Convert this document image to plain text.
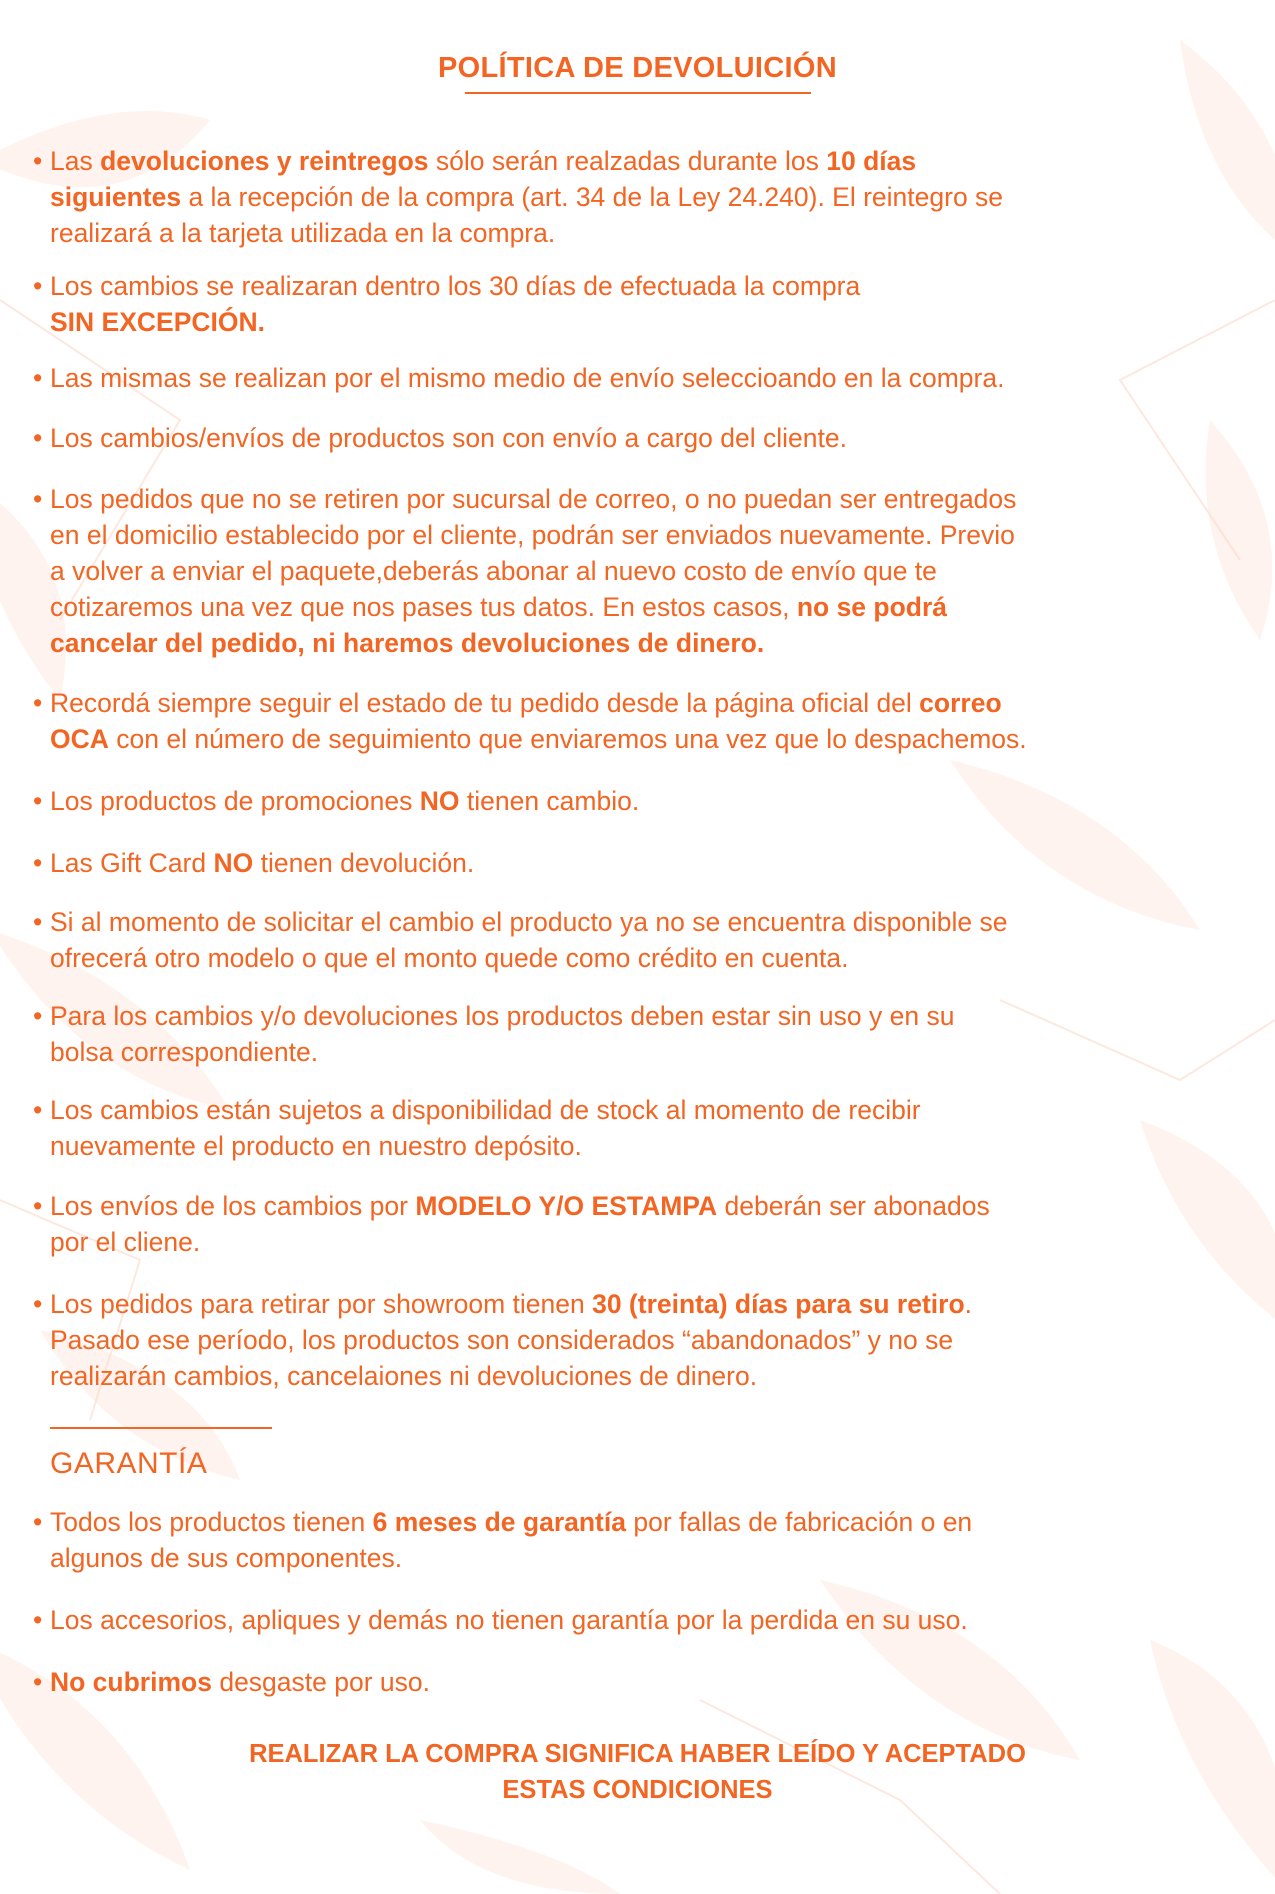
POLÍTICA DE DEVOLUICIÓN
• Las devoluciones y reintregos sólo serán realzadas durante los 10 días
siguientes a la recepción de la compra (art. 34 de la Ley 24.240). El reintegro se
realizará a la tarjeta utilizada en la compra.
• Los cambios se realizaran dentro los 30 días de efectuada la compra
SIN EXCEPCIÓN.
• Las mismas se realizan por el mismo medio de envío seleccioando en la compra.
• Los cambios/envíos de productos son con envío a cargo del cliente.
• Los pedidos que no se retiren por sucursal de correo, o no puedan ser entregados
en el domicilio establecido por el cliente, podrán ser enviados nuevamente. Previo
a volver a enviar el paquete,deberás abonar al nuevo costo de envío que te
cotizaremos una vez que nos pases tus datos. En estos casos, no se podrá
cancelar del pedido, ni haremos devoluciones de dinero.
• Recordá siempre seguir el estado de tu pedido desde la página oficial del correo
OCA con el número de seguimiento que enviaremos una vez que lo despachemos.
• Los productos de promociones NO tienen cambio.
• Las Gift Card NO tienen devolución.
• Si al momento de solicitar el cambio el producto ya no se encuentra disponible se
ofrecerá otro modelo o que el monto quede como crédito en cuenta.
• Para los cambios y/o devoluciones los productos deben estar sin uso y en su
bolsa correspondiente.
• Los cambios están sujetos a disponibilidad de stock al momento de recibir
nuevamente el producto en nuestro depósito.
• Los envíos de los cambios por MODELO Y/O ESTAMPA deberán ser abonados
por el cliene.
• Los pedidos para retirar por showroom tienen 30 (treinta) días para su retiro.
Pasado ese período, los productos son considerados “abandonados” y no se
realizarán cambios, cancelaiones ni devoluciones de dinero.
GARANTÍA
• Todos los productos tienen 6 meses de garantía por fallas de fabricación o en
algunos de sus componentes.
• Los accesorios, apliques y demás no tienen garantía por la perdida en su uso.
• No cubrimos desgaste por uso.
REALIZAR LA COMPRA SIGNIFICA HABER LEÍDO Y ACEPTADO
ESTAS CONDICIONES
